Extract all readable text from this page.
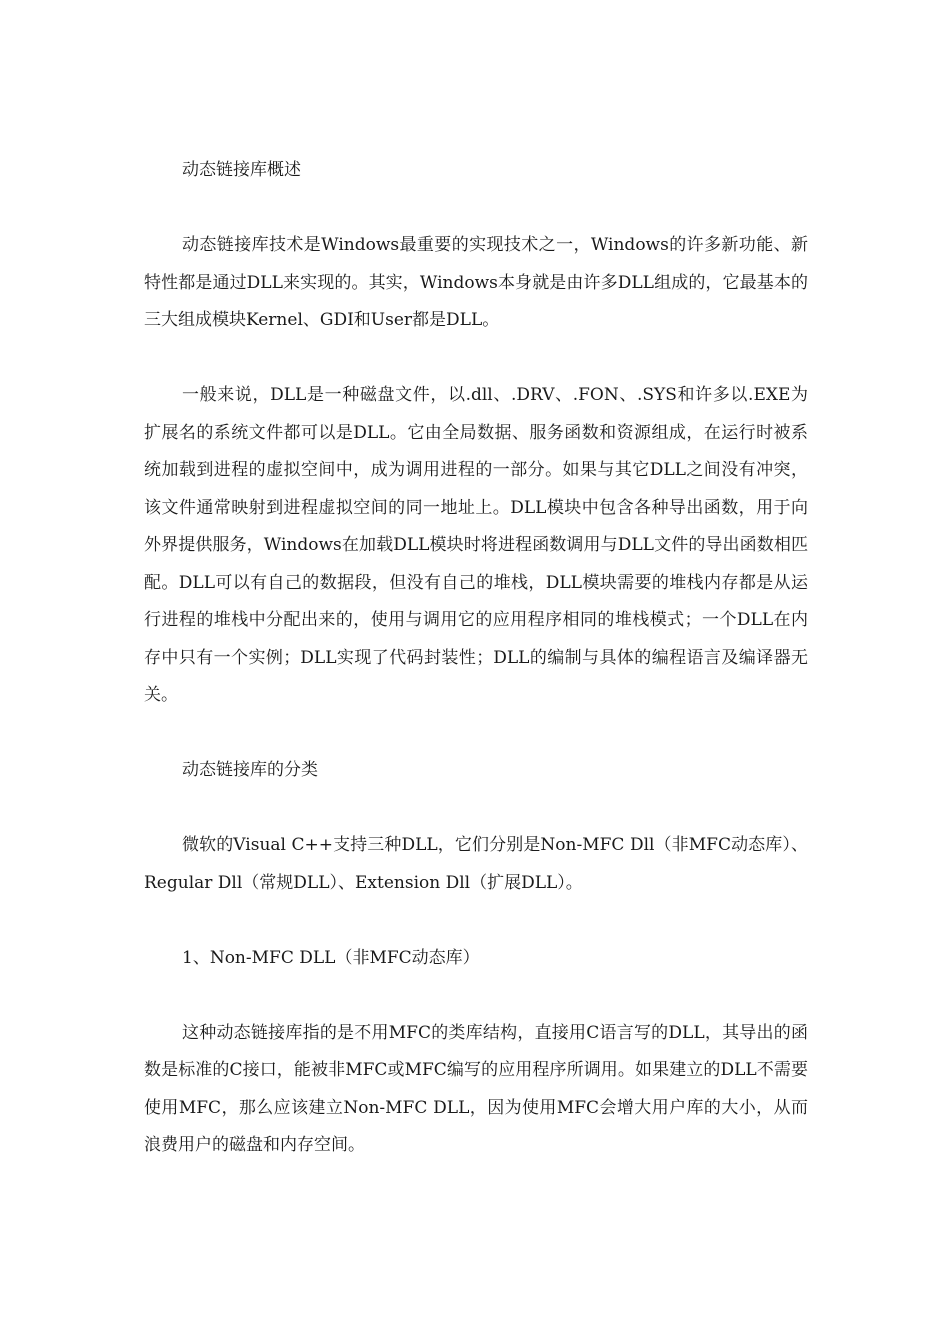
动态链接库概述

动态链接库技术是Windows最重要的实现技术之一，Windows的许多新功能、新特性都是通过DLL来实现的。其实，Windows本身就是由许多DLL组成的，它最基本的三大组成模块Kernel、GDI和User都是DLL。

一般来说，DLL是一种磁盘文件，以.dll、.DRV、.FON、.SYS和许多以.EXE为扩展名的系统文件都可以是DLL。它由全局数据、服务函数和资源组成，在运行时被系统加载到进程的虚拟空间中，成为调用进程的一部分。如果与其它DLL之间没有冲突，该文件通常映射到进程虚拟空间的同一地址上。DLL模块中包含各种导出函数，用于向外界提供服务，Windows在加载DLL模块时将进程函数调用与DLL文件的导出函数相匹配。DLL可以有自己的数据段，但没有自己的堆栈，DLL模块需要的堆栈内存都是从运行进程的堆栈中分配出来的，使用与调用它的应用程序相同的堆栈模式；一个DLL在内存中只有一个实例；DLL实现了代码封装性；DLL的编制与具体的编程语言及编译器无关。

动态链接库的分类

微软的Visual C++支持三种DLL，它们分别是Non-MFC Dll（非MFC动态库）、Regular Dll（常规DLL）、Extension Dll（扩展DLL）。

1、Non-MFC DLL（非MFC动态库）

这种动态链接库指的是不用MFC的类库结构，直接用C语言写的DLL，其导出的函数是标准的C接口，能被非MFC或MFC编写的应用程序所调用。如果建立的DLL不需要使用MFC，那么应该建立Non-MFC DLL，因为使用MFC会增大用户库的大小，从而浪费用户的磁盘和内存空间。
